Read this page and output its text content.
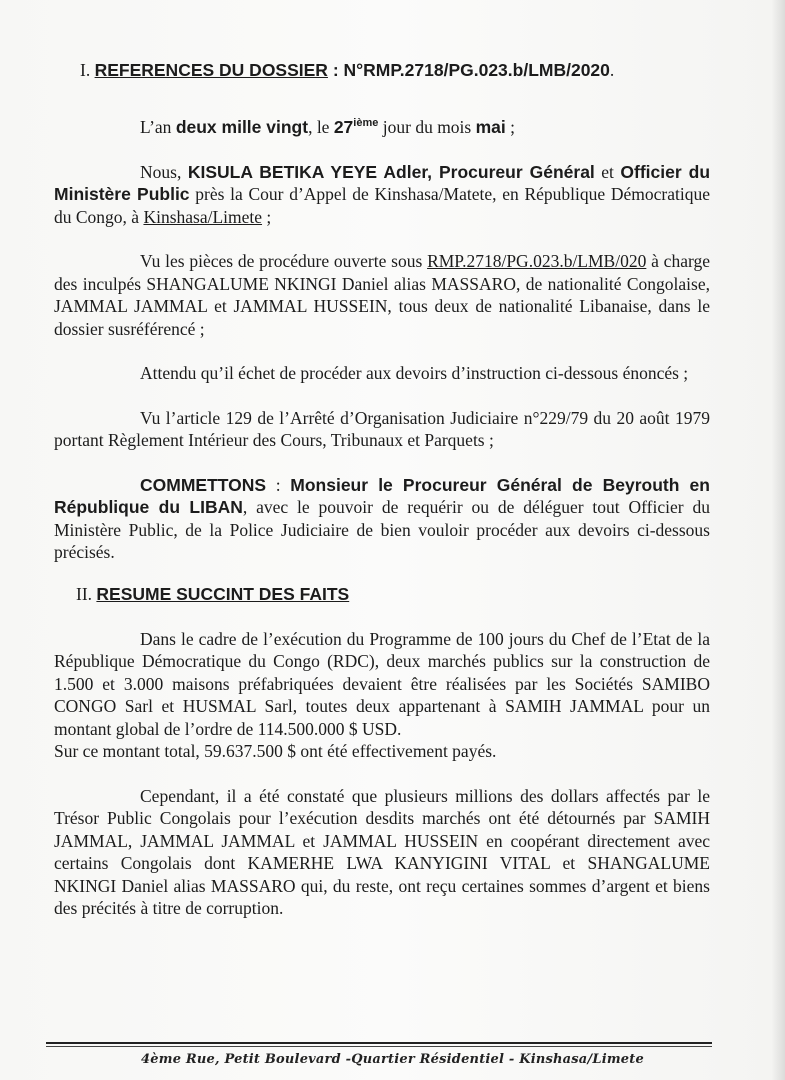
I. REFERENCES DU DOSSIER : N°RMP.2718/PG.023.b/LMB/2020.

L’an deux mille vingt, le 27ième jour du mois mai ;

Nous, KISULA BETIKA YEYE Adler, Procureur Général et Officier du Ministère Public près la Cour d’Appel de Kinshasa/Matete, en République Démocratique du Congo, à Kinshasa/Limete ;

Vu les pièces de procédure ouverte sous RMP.2718/PG.023.b/LMB/020 à charge des inculpés SHANGALUME NKINGI Daniel alias MASSARO, de nationalité Congolaise, JAMMAL JAMMAL et JAMMAL HUSSEIN, tous deux de nationalité Libanaise, dans le dossier susréférencé ;

Attendu qu’il échet de procéder aux devoirs d’instruction ci-dessous énoncés ;

Vu l’article 129 de l’Arrêté d’Organisation Judiciaire n°229/79 du 20 août 1979 portant Règlement Intérieur des Cours, Tribunaux et Parquets ;

COMMETTONS : Monsieur le Procureur Général de Beyrouth en République du LIBAN, avec le pouvoir de requérir ou de déléguer tout Officier du Ministère Public, de la Police Judiciaire de bien vouloir procéder aux devoirs ci-dessous précisés.

II. RESUME SUCCINT DES FAITS

Dans le cadre de l’exécution du Programme de 100 jours du Chef de l’Etat de la République Démocratique du Congo (RDC), deux marchés publics sur la construction de 1.500 et 3.000 maisons préfabriquées devaient être réalisées par les Sociétés SAMIBO CONGO Sarl et HUSMAL Sarl, toutes deux appartenant à SAMIH JAMMAL pour un montant global de l’ordre de 114.500.000 $ USD.

Sur ce montant total, 59.637.500 $ ont été effectivement payés.

Cependant, il a été constaté que plusieurs millions des dollars affectés par le Trésor Public Congolais pour l’exécution desdits marchés ont été détournés par SAMIH JAMMAL, JAMMAL JAMMAL et JAMMAL HUSSEIN en coopérant directement avec certains Congolais dont KAMERHE LWA KANYIGINI VITAL et SHANGALUME NKINGI Daniel alias MASSARO qui, du reste, ont reçu certaines sommes d’argent et biens des précités à titre de corruption.

4ème Rue, Petit Boulevard -Quartier Résidentiel - Kinshasa/Limete
